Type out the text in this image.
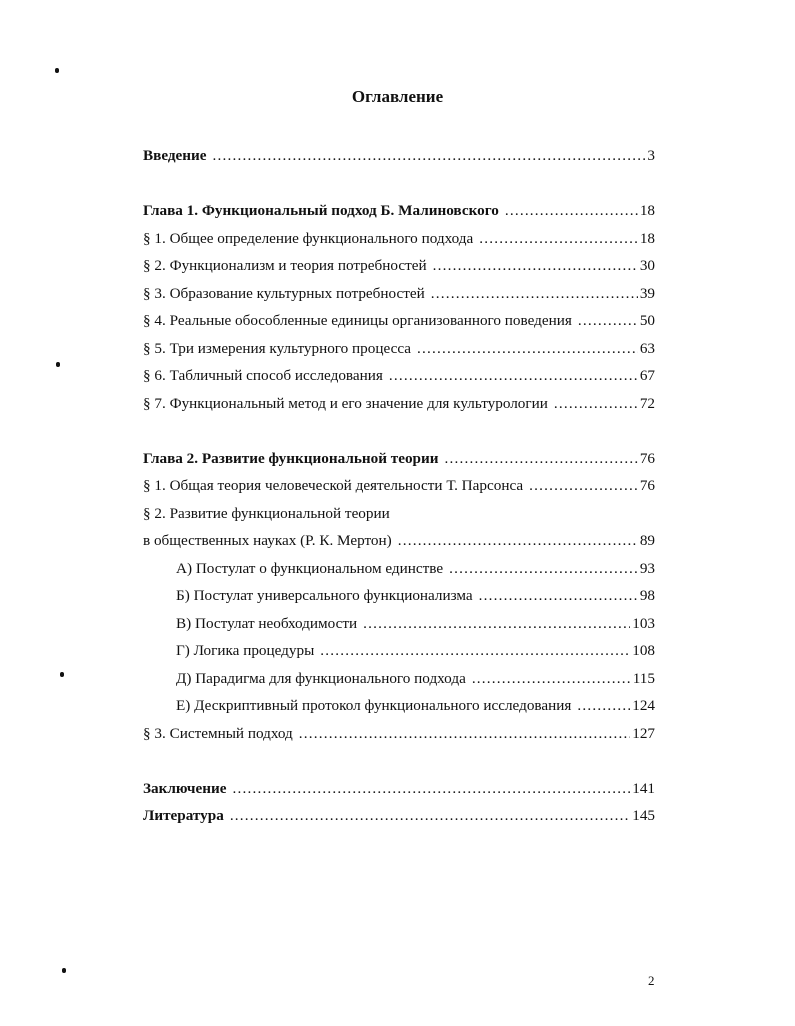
Оглавление
Введение .....	3
Глава 1. Функциональный подход Б. Малиновского .....	18
§ 1. Общее определение функционального подхода .....	18
§ 2. Функционализм и теория потребностей .....	30
§ 3. Образование культурных потребностей .....	39
§ 4. Реальные обособленные единицы организованного поведения .....	50
§ 5. Три измерения культурного процесса .....	63
§ 6. Табличный способ исследования .....	67
§ 7. Функциональный метод и его значение для культурологии .....	72
Глава 2. Развитие функциональной теории .....	76
§ 1. Общая теория человеческой деятельности Т. Парсонса .....	76
§ 2. Развитие функциональной теории
в общественных науках (Р. К. Мертон) .....	89
А) Постулат о функциональном единстве .....	93
Б) Постулат универсального функционализма .....	98
В) Постулат необходимости .....	103
Г) Логика процедуры .....	108
Д) Парадигма для функционального подхода .....	115
Е) Дескриптивный протокол функционального исследования .....	124
§ 3. Системный подход .....	127
Заключение .....	141
Литература .....	145
2
